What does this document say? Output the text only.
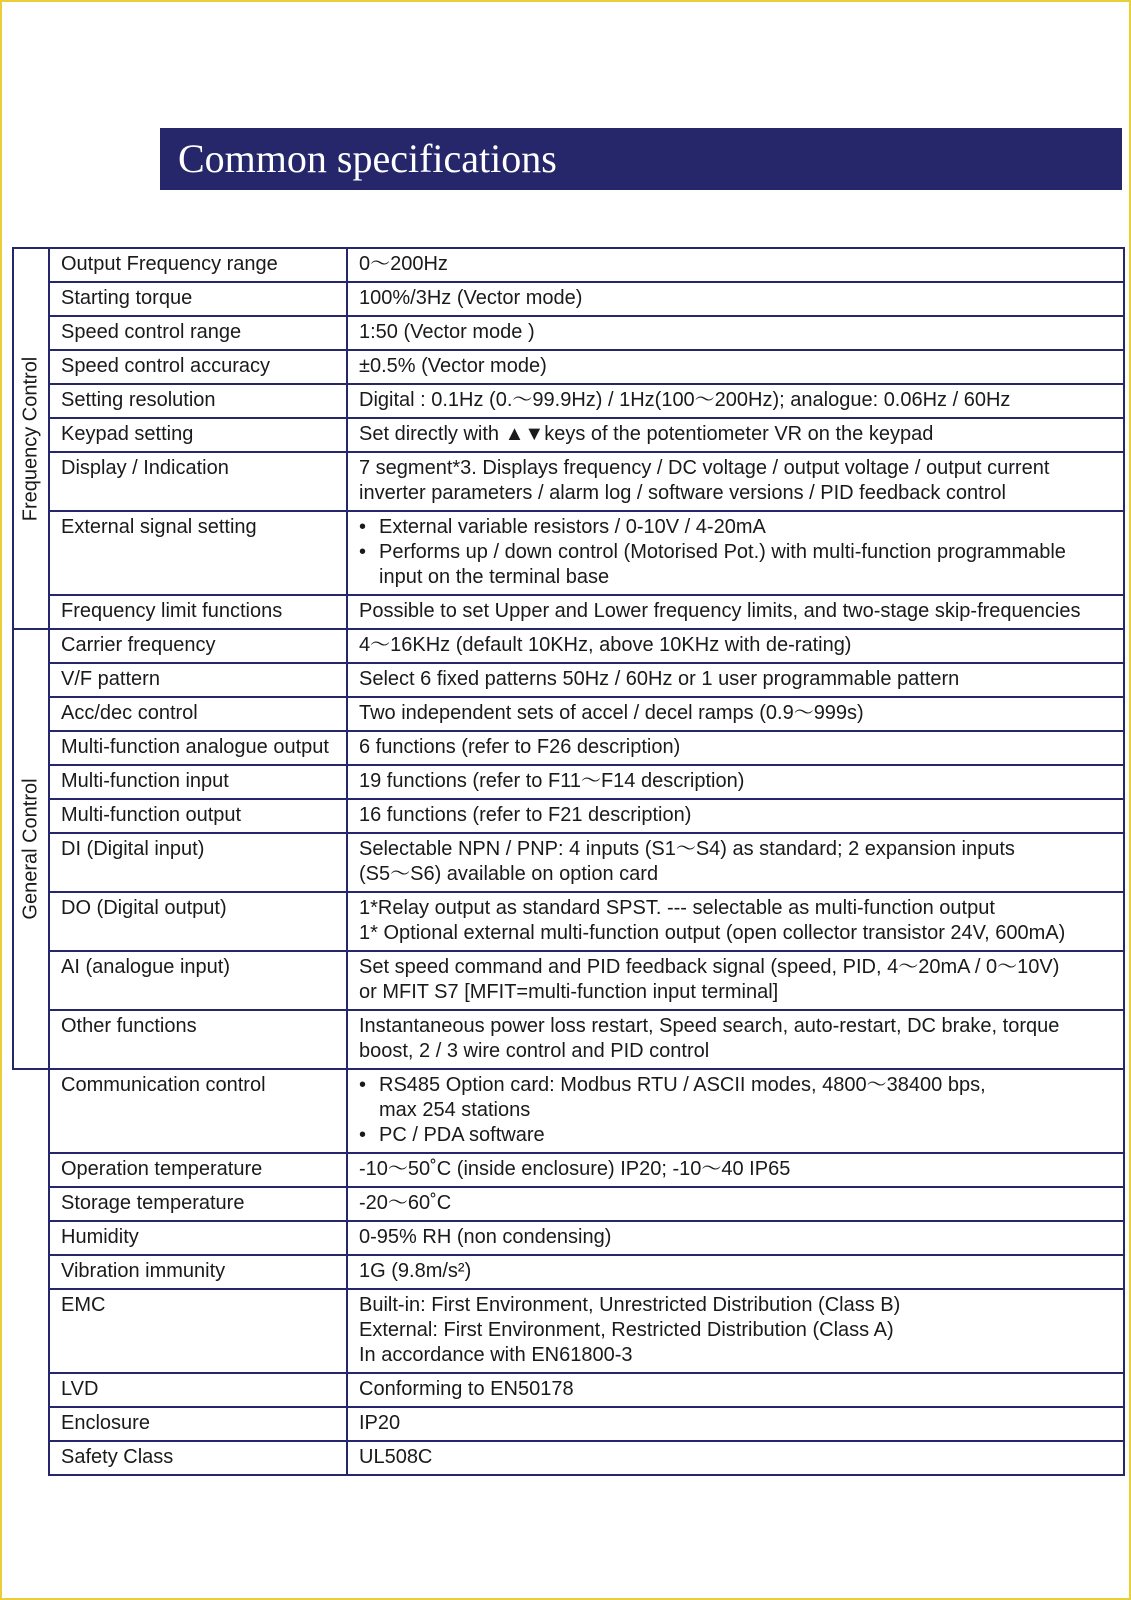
Common specifications
Frequency Control	Output Frequency range	0～200Hz

	Starting torque	100%/3Hz (Vector mode)

	Speed control range	1:50 (Vector mode )

	Speed control accuracy	±0.5% (Vector mode)

	Setting resolution	Digital : 0.1Hz (0.～99.9Hz) / 1Hz(100～200Hz); analogue: 0.06Hz / 60Hz

	Keypad setting	Set directly with ▲▼keys of the potentiometer VR on the keypad

	Display / Indication	7 segment*3. Displays frequency / DC voltage / output voltage / output current
inverter parameters / alarm log / software versions / PID feedback control

	External signal setting	• External variable resistors / 0-10V / 4-20mA
• Performs up / down control (Motorised Pot.) with multi-function programmable
input on the terminal base

	Frequency limit functions	Possible to set Upper and Lower frequency limits, and two-stage skip-frequencies

General Control	Carrier frequency	4～16KHz (default 10KHz, above 10KHz with de-rating)

	V/F pattern	Select 6 fixed patterns 50Hz / 60Hz or 1 user programmable pattern

	Acc/dec control	Two independent sets of accel / decel ramps (0.9～999s)

	Multi-function analogue output	6 functions (refer to F26 description)

	Multi-function input	19 functions (refer to F11～F14 description)

	Multi-function output	16 functions (refer to F21 description)

	DI (Digital input)	Selectable NPN / PNP: 4 inputs (S1～S4) as standard; 2 expansion inputs
(S5～S6) available on option card

	DO (Digital output)	1*Relay output as standard SPST. --- selectable as multi-function output
1* Optional external multi-function output (open collector transistor 24V, 600mA)

	AI (analogue input)	Set speed command and PID feedback signal (speed, PID, 4～20mA / 0～10V)
or MFIT S7 [MFIT=multi-function input terminal]

	Other functions	Instantaneous power loss restart, Speed search, auto-restart, DC brake, torque
boost, 2 / 3 wire control and PID control

	Communication control	• RS485 Option card: Modbus RTU / ASCII modes, 4800～38400 bps,
max 254 stations
• PC / PDA software

	Operation temperature	-10～50˚C (inside enclosure) IP20; -10～40 IP65

	Storage temperature	-20～60˚C

	Humidity	0-95% RH (non condensing)

	Vibration immunity	1G (9.8m/s²)

	EMC	Built-in: First Environment, Unrestricted Distribution (Class B)
External: First Environment, Restricted Distribution (Class A)
In accordance with EN61800-3

	LVD	Conforming to EN50178

	Enclosure	IP20

	Safety Class	UL508C
